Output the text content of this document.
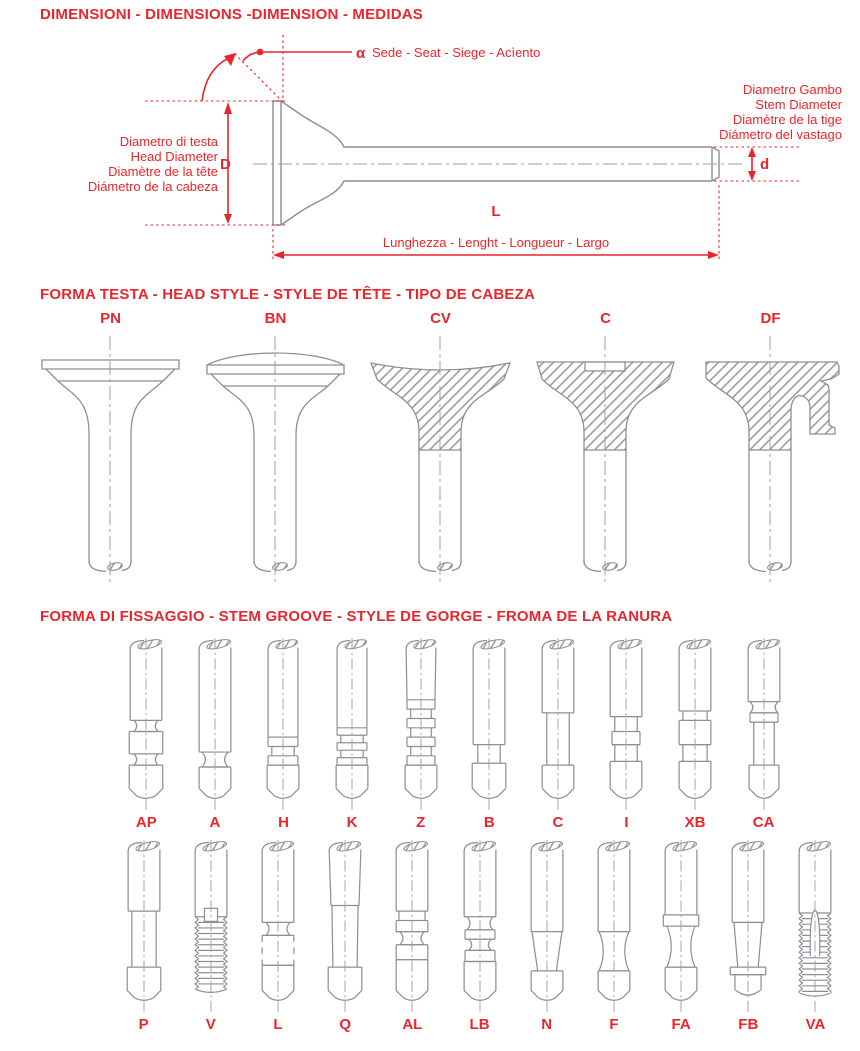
DIMENSIONI - DIMENSIONS -DIMENSION - MEDIDAS
α Sede - Seat - Siege - Acìento
Diametro Gambo
Stem Diameter
Diamètre de la tige
Diámetro del vastago
Diametro di testa
Head Diameter
Diamètre de la tête
Diámetro de la cabeza
D
L
Lunghezza - Lenght - Longueur - Largo
d
FORMA TESTA - HEAD STYLE - STYLE DE TÊTE - TIPO DE CABEZA
PN	BN	CV	C	DF
FORMA DI FISSAGGIO - STEM GROOVE - STYLE DE GORGE - FROMA DE LA RANURA
AP	A	H	K	Z	B	C	I	XB	CA
P	V	L	Q	AL	LB	N	F	FA	FB	VA
